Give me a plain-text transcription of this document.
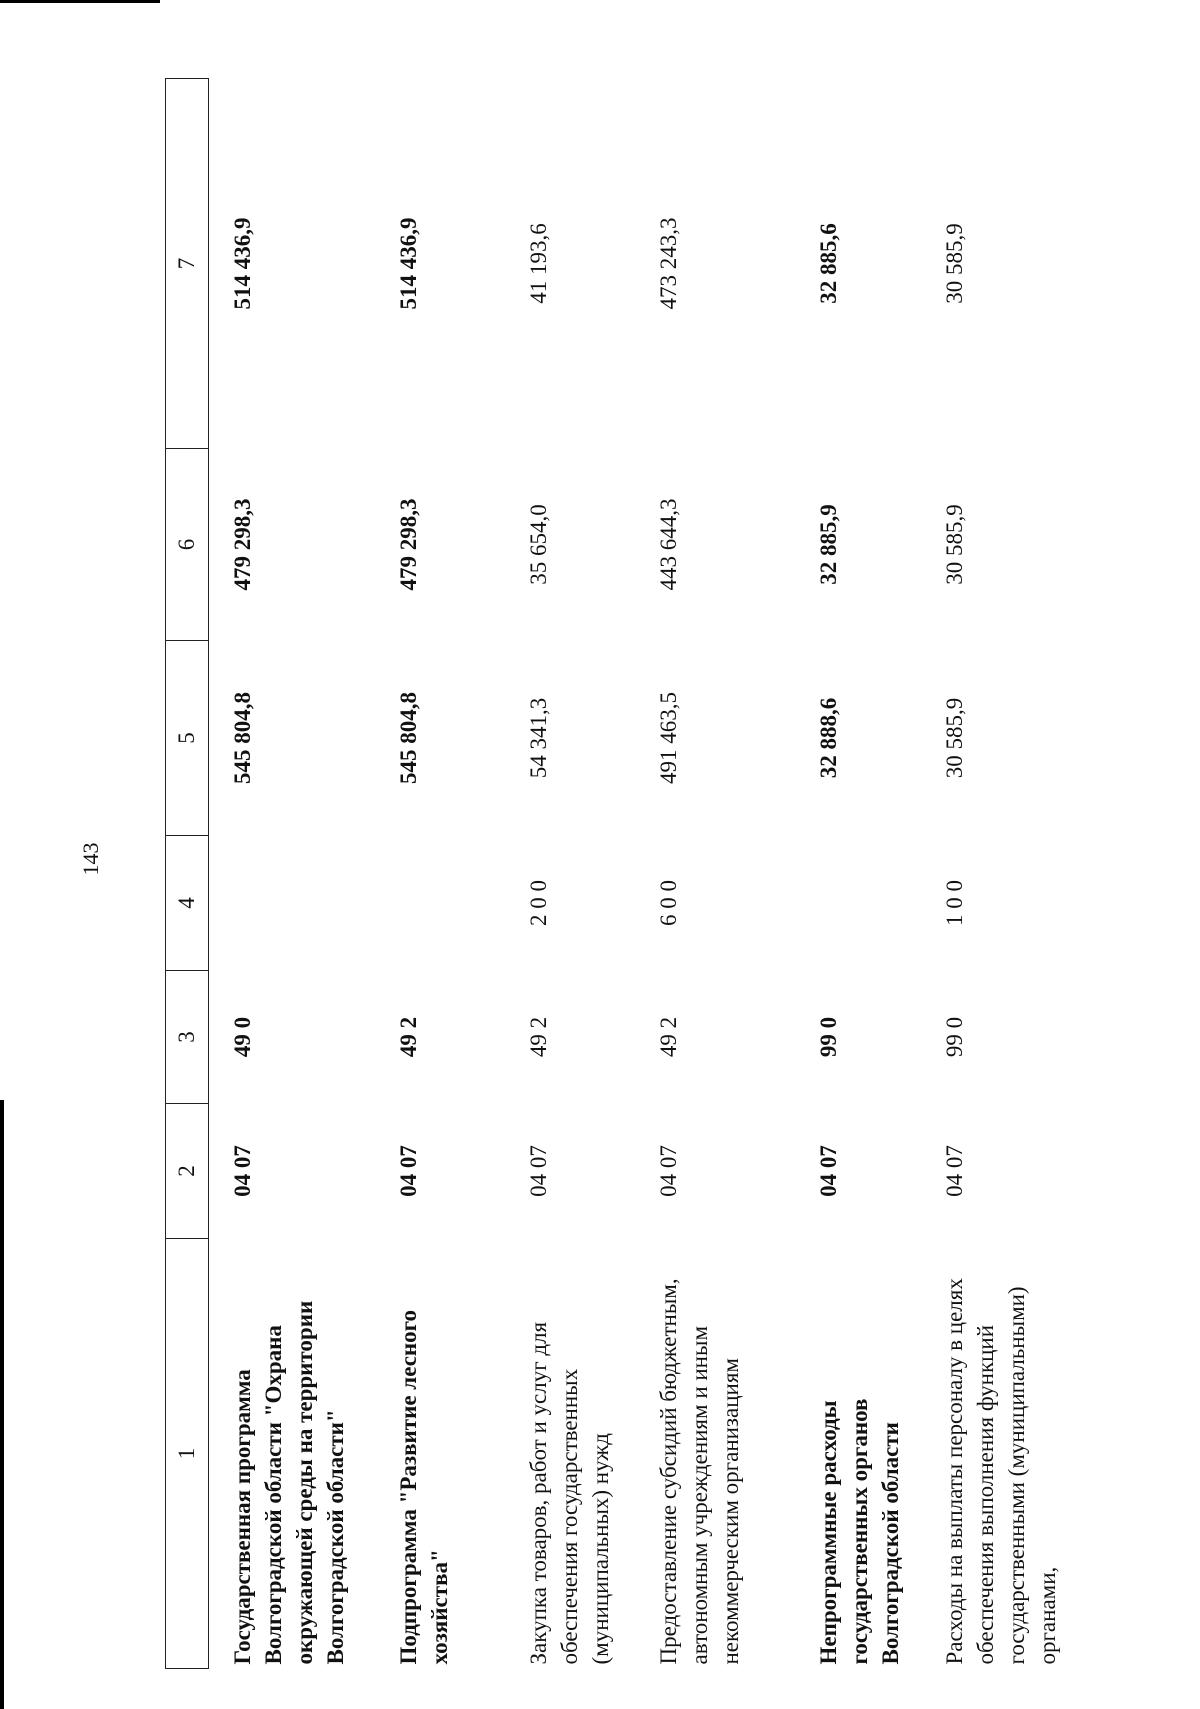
143
1	2	3	4	5	6	7
Государственная программа Волгоградской области "Охрана окружающей среды на территории Волгоградской области"	04 07	49 0		545 804,8	479 298,3	514 436,9
Подпрограмма "Развитие лесного хозяйства"	04 07	49 2		545 804,8	479 298,3	514 436,9
Закупка товаров, работ и услуг для обеспечения государственных (муниципальных) нужд	04 07	49 2	2 0 0	54 341,3	35 654,0	41 193,6
Предоставление субсидий бюджетным, автономным учреждениям и иным некоммерческим организациям	04 07	49 2	6 0 0	491 463,5	443 644,3	473 243,3
Непрограммные расходы государственных органов Волгоградской области	04 07	99 0		32 888,6	32 885,9	32 885,6
Расходы на выплаты персоналу в целях обеспечения выполнения функций государственными (муниципальными) органами,	04 07	99 0	1 0 0	30 585,9	30 585,9	30 585,9
